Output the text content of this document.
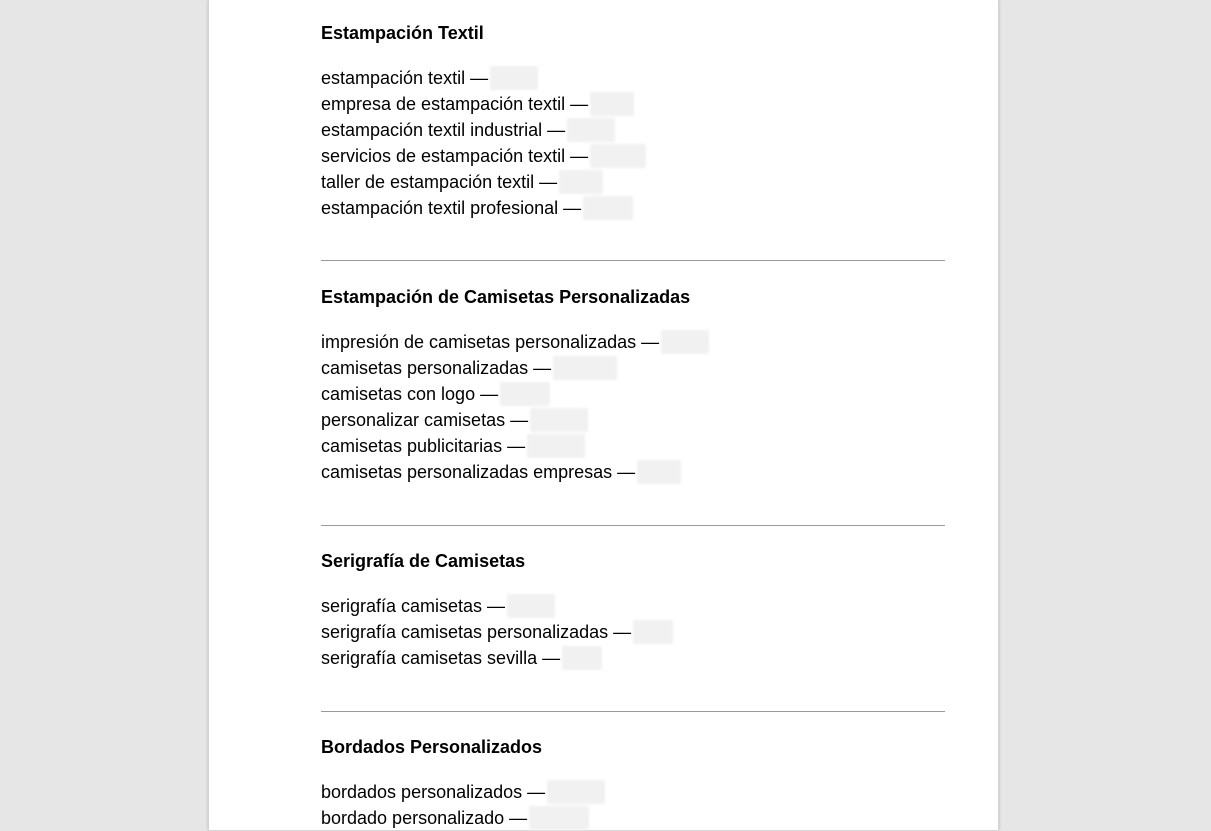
Estampación Textil
estampación textil —
empresa de estampación textil —
estampación textil industrial —
servicios de estampación textil —
taller de estampación textil —
estampación textil profesional —
Estampación de Camisetas Personalizadas
impresión de camisetas personalizadas —
camisetas personalizadas —
camisetas con logo —
personalizar camisetas —
camisetas publicitarias —
camisetas personalizadas empresas —
Serigrafía de Camisetas
serigrafía camisetas —
serigrafía camisetas personalizadas —
serigrafía camisetas sevilla —
Bordados Personalizados
bordados personalizados —
bordado personalizado —
